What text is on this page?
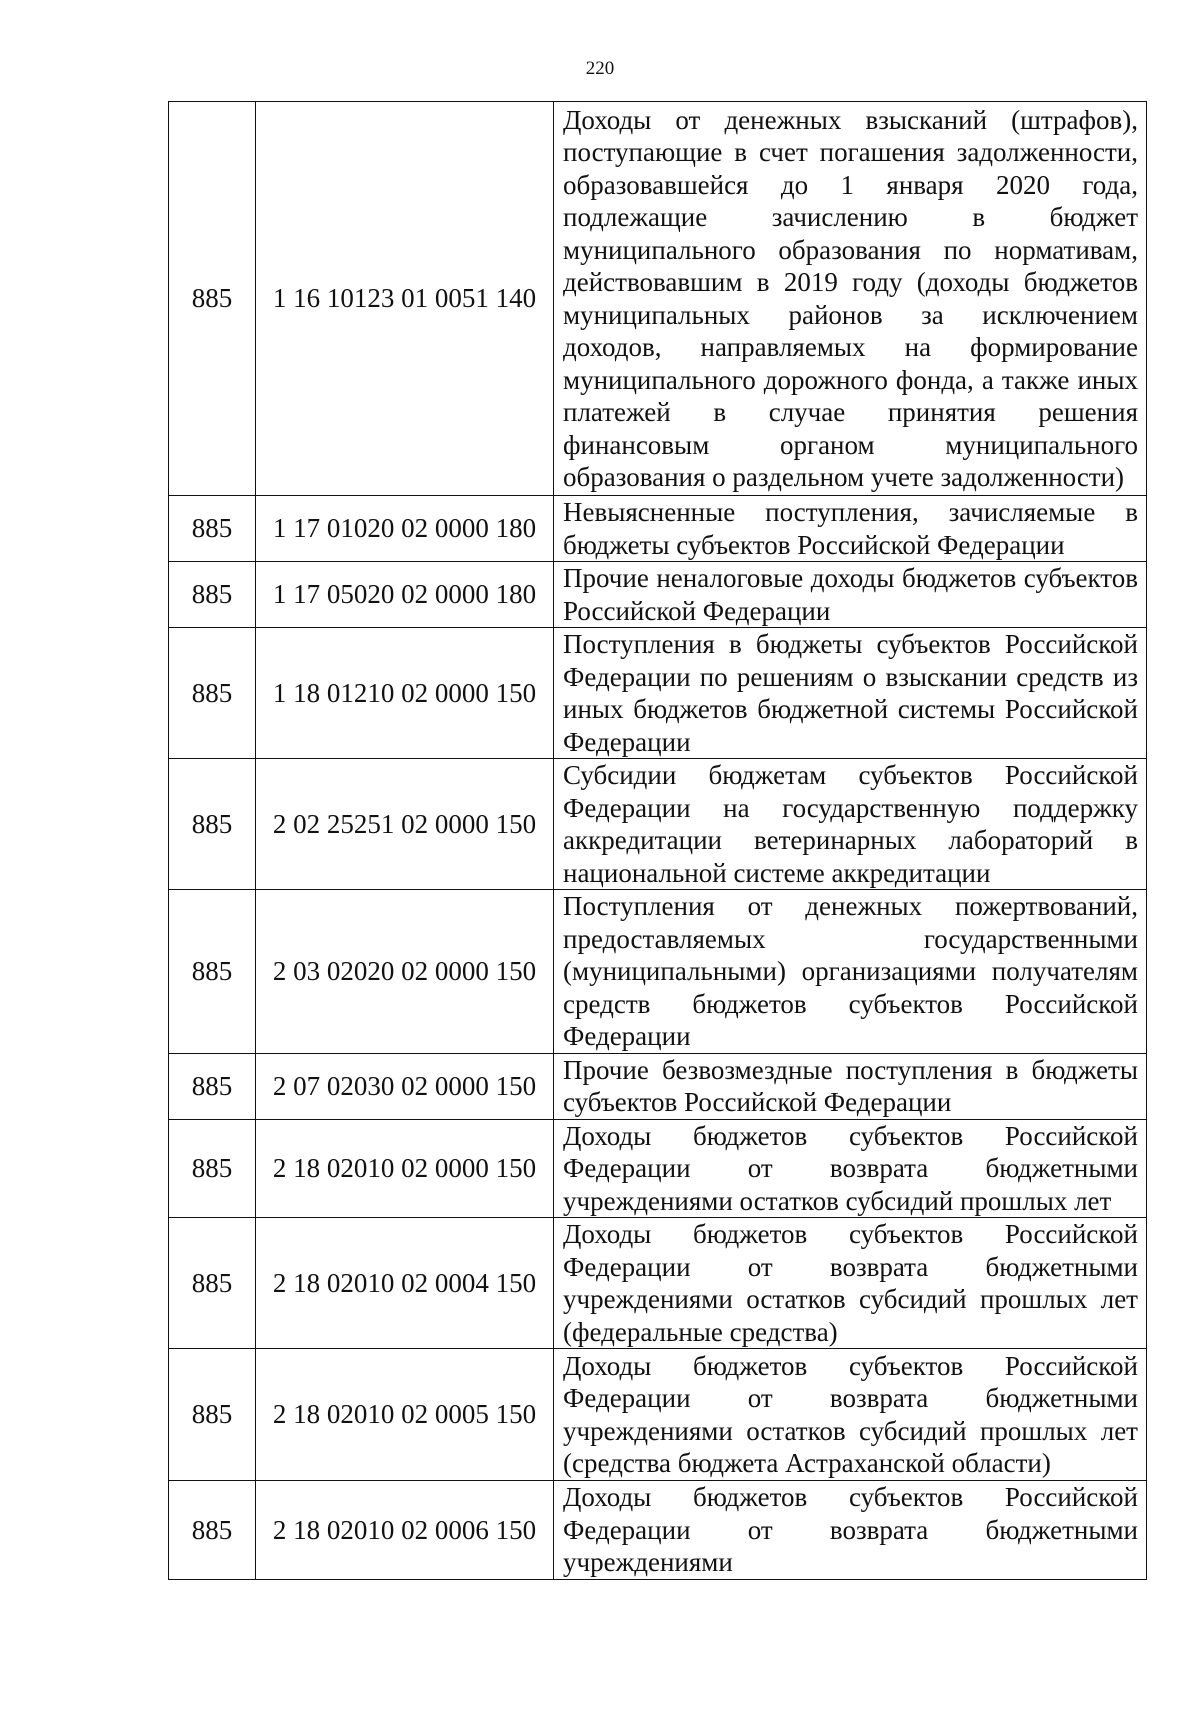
220
885	1 16 10123 01 0051 140	Доходы от денежных взысканий (штрафов), поступающие в счет погашения задолженности, образовавшейся до 1 января 2020 года, подлежащие зачислению в бюджет муниципального образования по нормативам, действовавшим в 2019 году (доходы бюджетов муниципальных районов за исключением доходов, направляемых на формирование муниципального дорожного фонда, а также иных платежей в случае принятия решения финансовым органом муниципального образования о раздельном учете задолженности)
885	1 17 01020 02 0000 180	Невыясненные поступления, зачисляемые в бюджеты субъектов Российской Федерации
885	1 17 05020 02 0000 180	Прочие неналоговые доходы бюджетов субъектов Российской Федерации
885	1 18 01210 02 0000 150	Поступления в бюджеты субъектов Российской Федерации по решениям о взыскании средств из иных бюджетов бюджетной системы Российской Федерации
885	2 02 25251 02 0000 150	Субсидии бюджетам субъектов Российской Федерации на государственную поддержку аккредитации ветеринарных лабораторий в национальной системе аккредитации
885	2 03 02020 02 0000 150	Поступления от денежных пожертвований, предоставляемых государственными (муниципальными) организациями получателям средств бюджетов субъектов Российской Федерации
885	2 07 02030 02 0000 150	Прочие безвозмездные поступления в бюджеты субъектов Российской Федерации
885	2 18 02010 02 0000 150	Доходы бюджетов субъектов Российской Федерации от возврата бюджетными учреждениями остатков субсидий прошлых лет
885	2 18 02010 02 0004 150	Доходы бюджетов субъектов Российской Федерации от возврата бюджетными учреждениями остатков субсидий прошлых лет (федеральные средства)
885	2 18 02010 02 0005 150	Доходы бюджетов субъектов Российской Федерации от возврата бюджетными учреждениями остатков субсидий прошлых лет (средства бюджета Астраханской области)
885	2 18 02010 02 0006 150	Доходы бюджетов субъектов Российской Федерации от возврата бюджетными учреждениями
